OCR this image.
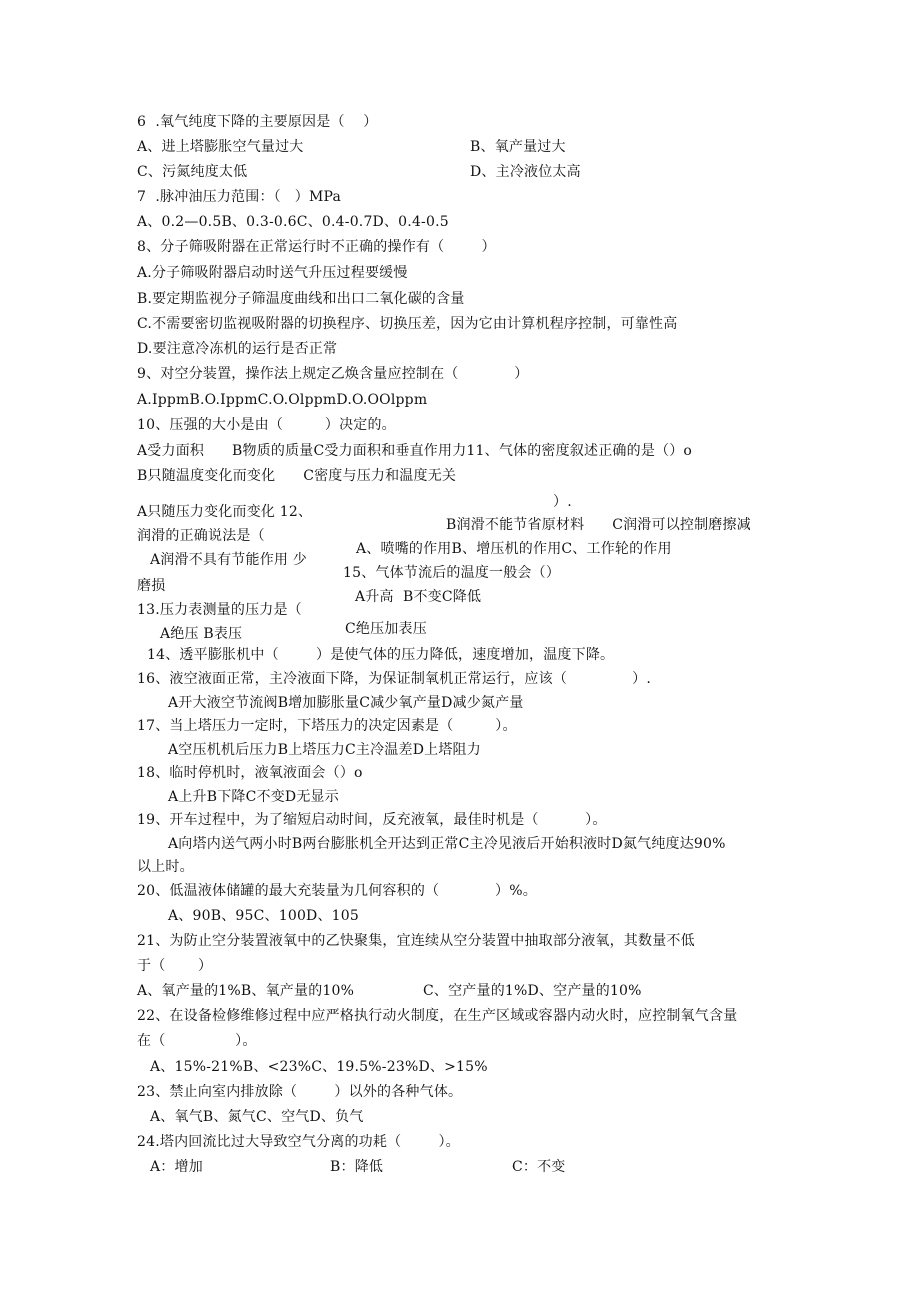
6  .氧气纯度下降的主要原因是（    ）
A、进上塔膨胀空气量过大	B、氧产量过大
C、污氮纯度太低	D、主冷液位太高
7  .脉冲油压力范围：（   ）MPa
A、0.2—0.5B、0.3-0.6C、0.4-0.7D、0.4-0.5
8、分子筛吸附器在正常运行时不正确的操作有（        ）
A.分子筛吸附器启动时送气升压过程要缓慢
B.要定期监视分子筛温度曲线和出口二氧化碳的含量
C.不需要密切监视吸附器的切换程序、切换压差，因为它由计算机程序控制，可靠性高
D.要注意冷冻机的运行是否正常
9、对空分装置，操作法上规定乙焕含量应控制在（            ）
A.IppmB.O.IppmC.O.OlppmD.O.OOlppm
10、压强的大小是由（         ）决定的。
A受力面积      B物质的质量C受力面积和垂直作用力11、气体的密度叙述正确的是（）o
B只随温度变化而变化      C密度与压力和温度无关
A只随压力变化而变化 12、
）.
润滑的正确说法是（
B润滑不能节省原材料      C润滑可以控制磨擦减
A润滑不具有节能作用 少
A、喷嘴的作用B、增压机的作用C、工作轮的作用
磨损
15、气体节流后的温度一般会（）
A升高  B不变C降低
13.压力表测量的压力是（
A绝压 B表压	C绝压加表压
14、透平膨胀机中（        ）是使气体的压力降低，速度增加，温度下降。
16、液空液面正常，主冷液面下降，为保证制氧机正常运行，应该（              ）.
A开大液空节流阀B增加膨胀量C减少氧产量D减少氮产量
17、当上塔压力一定时，下塔压力的决定因素是（         ）。
A空压机机后压力B上塔压力C主冷温差D上塔阻力
18、临时停机时，液氧液面会（）o
A上升B下降C不变D无显示
19、开车过程中，为了缩短启动时间，反充液氧，最佳时机是（          ）。
A向塔内送气两小时B两台膨胀机全开达到正常C主冷见液后开始积液时D氮气纯度达90%
以上时。
20、低温液体储罐的最大充装量为几何容积的（            ）%。
A、90B、95C、100D、105
21、为防止空分装置液氧中的乙快聚集，宜连续从空分装置中抽取部分液氧，其数量不低
于（       ）
A、氧产量的1%B、氧产量的10%	C、空产量的1%D、空产量的10%
22、在设备检修维修过程中应严格执行动火制度，在生产区域或容器内动火时，应控制氧气含量
在（               ）。
A、15%-21%B、<23%C、19.5%-23%D、>15%
23、禁止向室内排放除（        ）以外的各种气体。
A、氧气B、氮气C、空气D、负气
24.塔内回流比过大导致空气分离的功耗（        ）。
A：增加	B：降低	C：不变
